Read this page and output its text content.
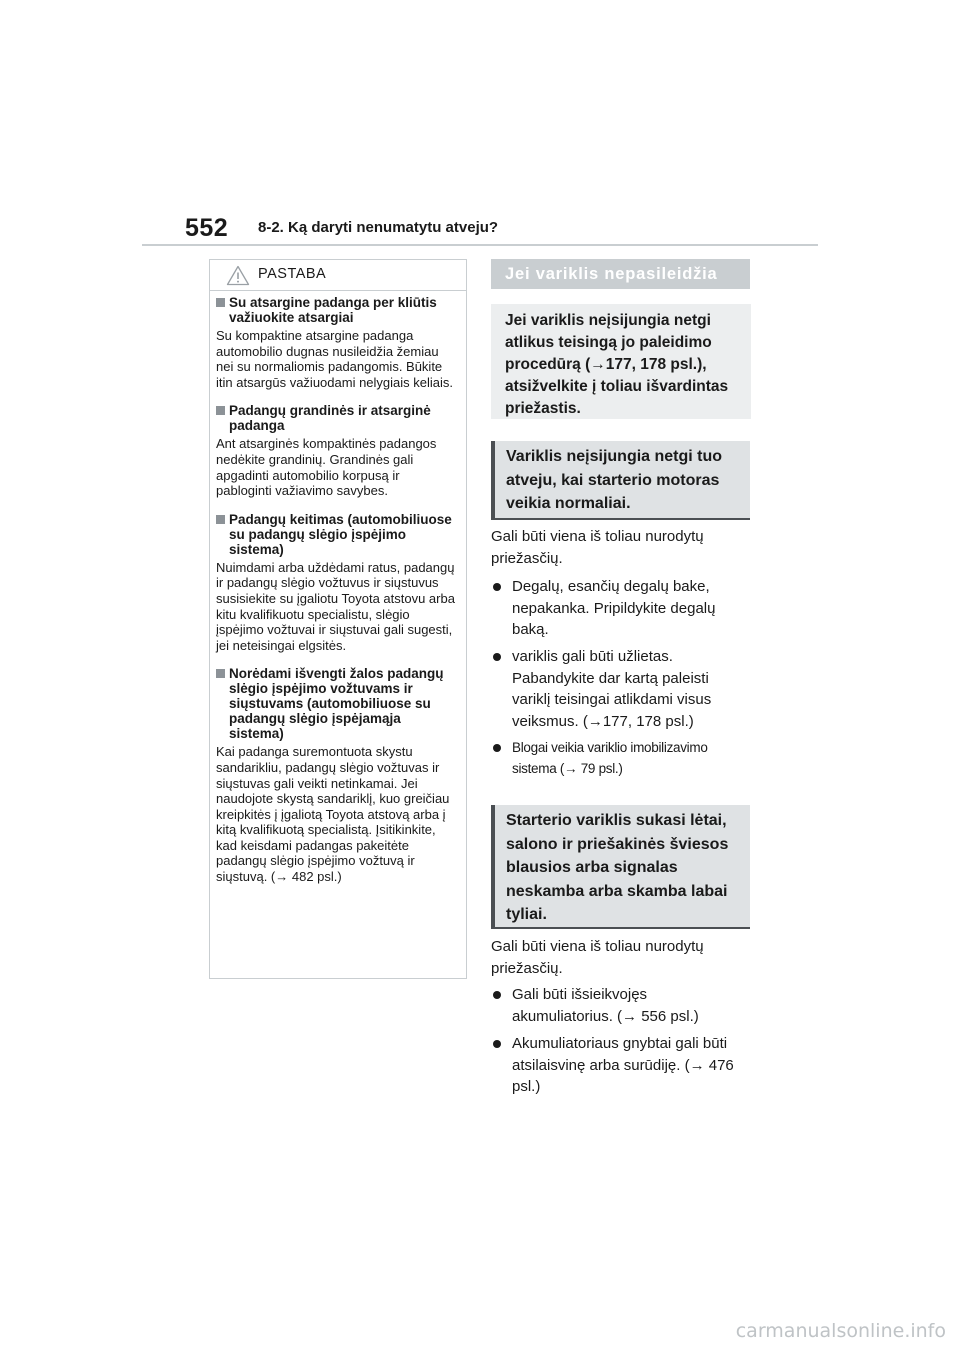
552 8-2. Ką daryti nenumatytu atveju?
PASTABA
Su atsargine padanga per kliūtis važiuokite atsargiai
Su kompaktine atsargine padanga automobilio dugnas nusileidžia žemiau nei su normaliomis padangomis. Būkite itin atsargūs važiuodami nelygiais keliais.
Padangų grandinės ir atsarginė padanga
Ant atsarginės kompaktinės padangos nedėkite grandinių. Grandinės gali apgadinti automobilio korpusą ir pabloginti važiavimo savybes.
Padangų keitimas (automobiliuose su padangų slėgio įspėjimo sistema)
Nuimdami arba uždėdami ratus, padangų ir padangų slėgio vožtuvus ir siųstuvus susisiekite su įgaliotu Toyota atstovu arba kitu kvalifikuotu specialistu, slėgio įspėjimo vožtuvai ir siųstuvai gali sugesti, jei neteisingai elgsitės.
Norėdami išvengti žalos padangų slėgio įspėjimo vožtuvams ir siųstuvams (automobiliuose su padangų slėgio įspėjamąja sistema)
Kai padanga suremontuota skystu sandarikliu, padangų slėgio vožtuvas ir siųstuvas gali veikti netinkamai. Jei naudojote skystą sandariklį, kuo greičiau kreipkitės į įgaliotą Toyota atstovą arba į kitą kvalifikuotą specialistą. Įsitikinkite, kad keisdami padangas pakeitėte padangų slėgio įspėjimo vožtuvą ir siųstuvą. (→ 482 psl.)
Jei variklis nepasileidžia
Jei variklis neįsijungia netgi atlikus teisingą jo paleidimo procedūrą (→177, 178 psl.), atsižvelkite į toliau išvardintas priežastis.
Variklis neįsijungia netgi tuo atveju, kai starterio motoras veikia normaliai.
Gali būti viena iš toliau nurodytų priežasčių.
Degalų, esančių degalų bake, nepakanka. Pripildykite degalų baką.
variklis gali būti užlietas. Pabandykite dar kartą paleisti variklį teisingai atlikdami visus veiksmus. (→177, 178 psl.)
Blogai veikia variklio imobilizavimo sistema (→ 79 psl.)
Starterio variklis sukasi lėtai, salono ir priešakinės šviesos blausios arba signalas neskamba arba skamba labai tyliai.
Gali būti viena iš toliau nurodytų priežasčių.
Gali būti išsieikvojęs akumuliatorius. (→ 556 psl.)
Akumuliatoriaus gnybtai gali būti atsilaisvinę arba surūdiję. (→ 476 psl.)
carmanualsonline.info
